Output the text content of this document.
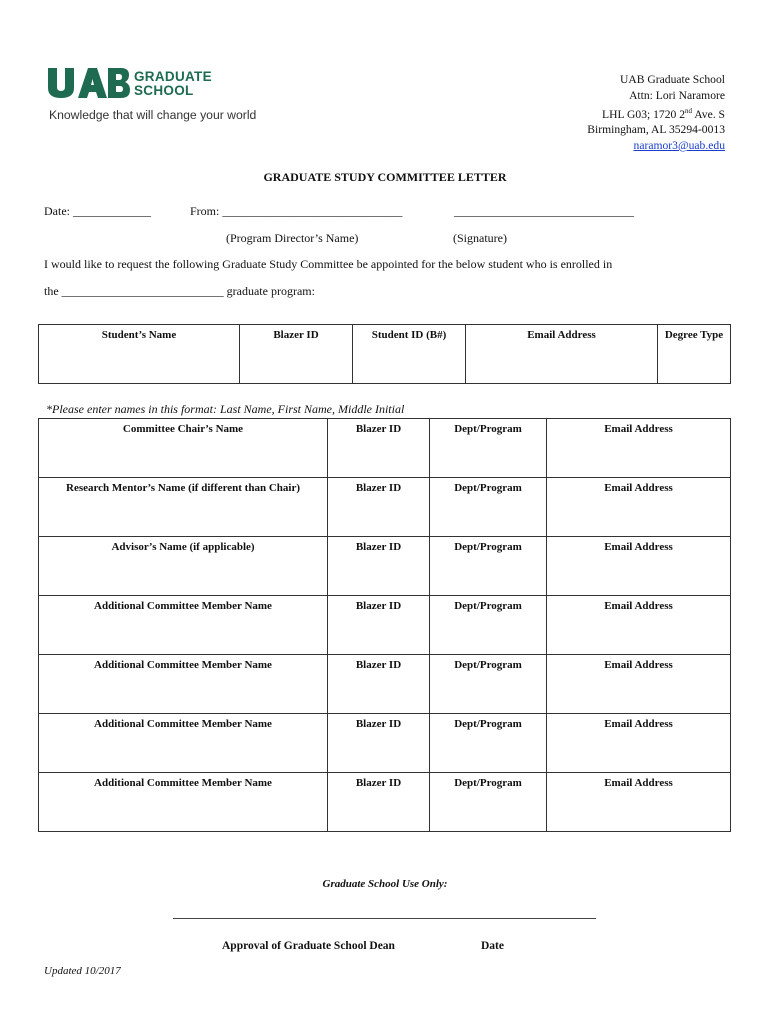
GRADUATE
SCHOOL
Knowledge that will change your world
UAB Graduate School
Attn: Lori Naramore
LHL G03; 1720 2nd Ave. S
Birmingham, AL 35294-0013
naramor3@uab.edu
GRADUATE STUDY COMMITTEE LETTER
Date: _____________	From: ______________________________	______________________________
(Program Director’s Name)	(Signature)
I would like to request the following Graduate Study Committee be appointed for the below student who is enrolled in
the ___________________________ graduate program:
Student’s Name	Blazer ID	Student ID (B#)	Email Address	Degree Type
*Please enter names in this format: Last Name, First Name, Middle Initial
Committee Chair’s Name	Blazer ID	Dept/Program	Email Address
Research Mentor’s Name (if different than Chair)	Blazer ID	Dept/Program	Email Address
Advisor’s Name (if applicable)	Blazer ID	Dept/Program	Email Address
Additional Committee Member Name	Blazer ID	Dept/Program	Email Address
Additional Committee Member Name	Blazer ID	Dept/Program	Email Address
Additional Committee Member Name	Blazer ID	Dept/Program	Email Address
Additional Committee Member Name	Blazer ID	Dept/Program	Email Address
Graduate School Use Only:
Approval of Graduate School Dean	Date
Updated 10/2017
